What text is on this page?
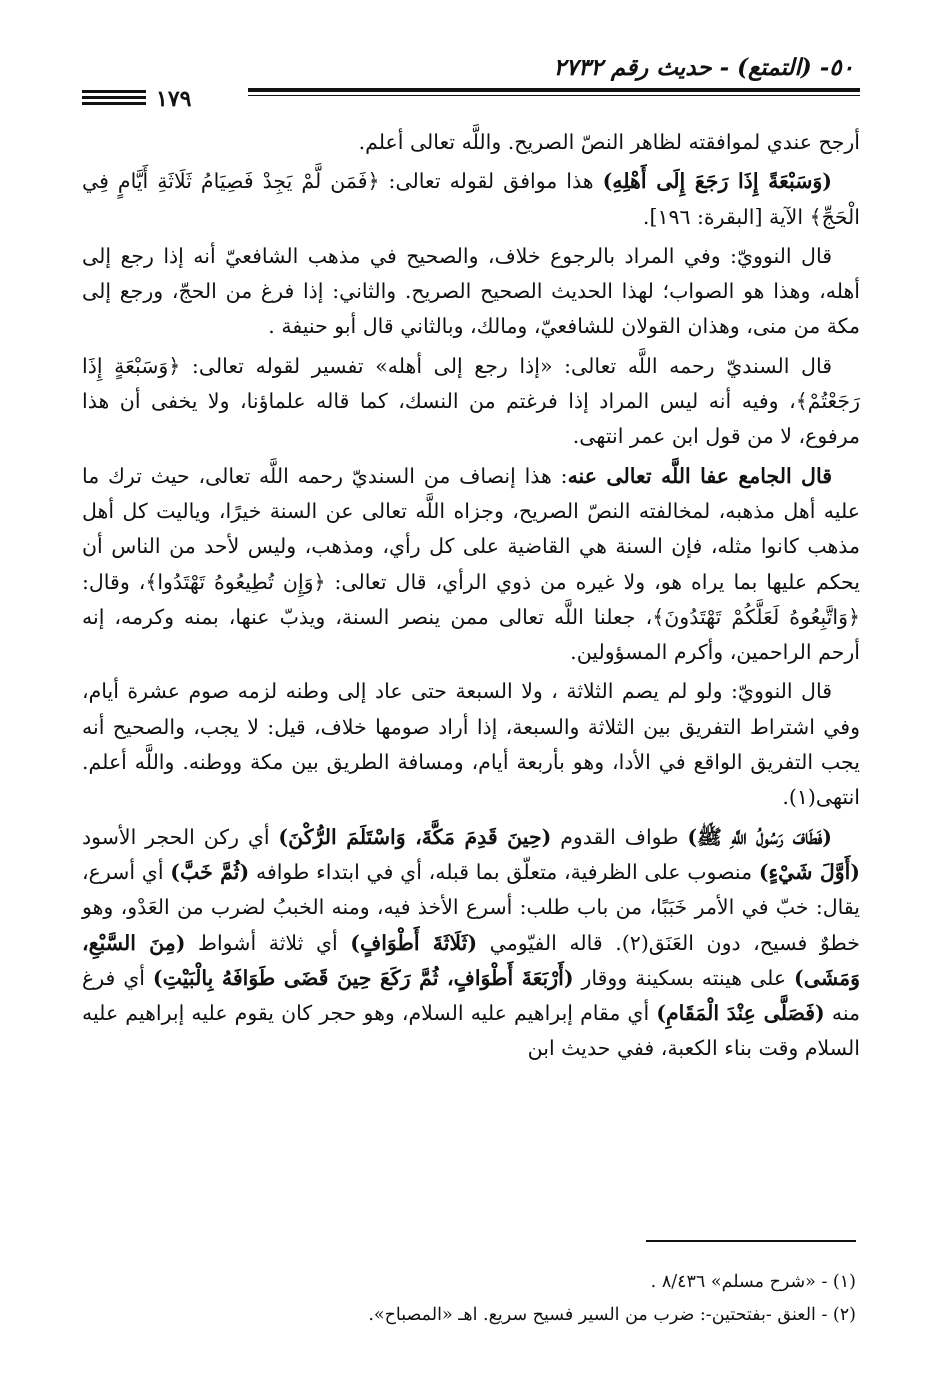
٥٠- (التمتع) - حديث رقم ٢٧٣٢
١٧٩

أرجح عندي لموافقته لظاهر النصّ الصريح. واللَّه تعالى أعلم.

(وَسَبْعَةً إِذَا رَجَعَ إِلَى أَهْلِهِ) هذا موافق لقوله تعالى: ﴿فَمَن لَّمْ يَجِدْ فَصِيَامُ ثَلَاثَةِ أَيَّامٍ فِي الْحَجِّ﴾ الآية [البقرة: ١٩٦].

قال النوويّ: وفي المراد بالرجوع خلاف، والصحيح في مذهب الشافعيّ أنه إذا رجع إلى أهله، وهذا هو الصواب؛ لهذا الحديث الصحيح الصريح. والثاني: إذا فرغ من الحجّ، ورجع إلى مكة من منى، وهذان القولان للشافعيّ، ومالك، وبالثاني قال أبو حنيفة .

قال السنديّ رحمه اللَّه تعالى: «إذا رجع إلى أهله» تفسير لقوله تعالى: ﴿وَسَبْعَةٍ إِذَا رَجَعْتُمْ﴾، وفيه أنه ليس المراد إذا فرغتم من النسك، كما قاله علماؤنا، ولا يخفى أن هذا مرفوع، لا من قول ابن عمر انتهى.

قال الجامع عفا اللَّه تعالى عنه: هذا إنصاف من السنديّ رحمه اللَّه تعالى، حيث ترك ما عليه أهل مذهبه، لمخالفته النصّ الصريح، وجزاه اللَّه تعالى عن السنة خيرًا، وياليت كل أهل مذهب كانوا مثله، فإن السنة هي القاضية على كل رأي، ومذهب، وليس لأحد من الناس أن يحكم عليها بما يراه هو، ولا غيره من ذوي الرأي، قال تعالى: ﴿وَإِن تُطِيعُوهُ تَهْتَدُوا﴾، وقال: ﴿وَاتَّبِعُوهُ لَعَلَّكُمْ تَهْتَدُونَ﴾، جعلنا اللَّه تعالى ممن ينصر السنة، ويذبّ عنها، بمنه وكرمه، إنه أرحم الراحمين، وأكرم المسؤولين.

قال النوويّ: ولو لم يصم الثلاثة ، ولا السبعة حتى عاد إلى وطنه لزمه صوم عشرة أيام، وفي اشتراط التفريق بين الثلاثة والسبعة، إذا أراد صومها خلاف، قيل: لا يجب، والصحيح أنه يجب التفريق الواقع في الأدا، وهو بأربعة أيام، ومسافة الطريق بين مكة ووطنه. واللَّه أعلم. انتهى(١).

(فَطَافَ رَسُولُ اللَّهِ ﷺ) طواف القدوم (حِينَ قَدِمَ مَكَّةَ، وَاسْتَلَمَ الرُّكْنَ) أي ركن الحجر الأسود (أَوَّلَ شَيْءٍ) منصوب على الظرفية، متعلّق بما قبله، أي في ابتداء طوافه (ثُمَّ خَبَّ) أي أسرع، يقال: خبّ في الأمر خَبَبًا، من باب طلب: أسرع الأخذ فيه، ومنه الخببُ لضرب من العَدْو، وهو خطوٌ فسيح، دون العَنَق(٢). قاله الفيّومي (ثَلَاثَةَ أَطْوَافٍ) أي ثلاثة أشواط (مِنَ السَّبْعِ، وَمَشَى) على هينته بسكينة ووقار (أَرْبَعَةَ أَطْوَافٍ، ثُمَّ رَكَعَ حِينَ قَضَى طَوَافَهُ بِالْبَيْتِ) أي فرغ منه (فَصَلَّى عِنْدَ الْمَقَامِ) أي مقام إبراهيم عليه السلام، وهو حجر كان يقوم عليه إبراهيم عليه السلام وقت بناء الكعبة، ففي حديث ابن

(١) - «شرح مسلم» ٨/٤٣٦ .

(٢) - العنق -بفتحتين-: ضرب من السير فسيح سريع. اهـ «المصباح».
